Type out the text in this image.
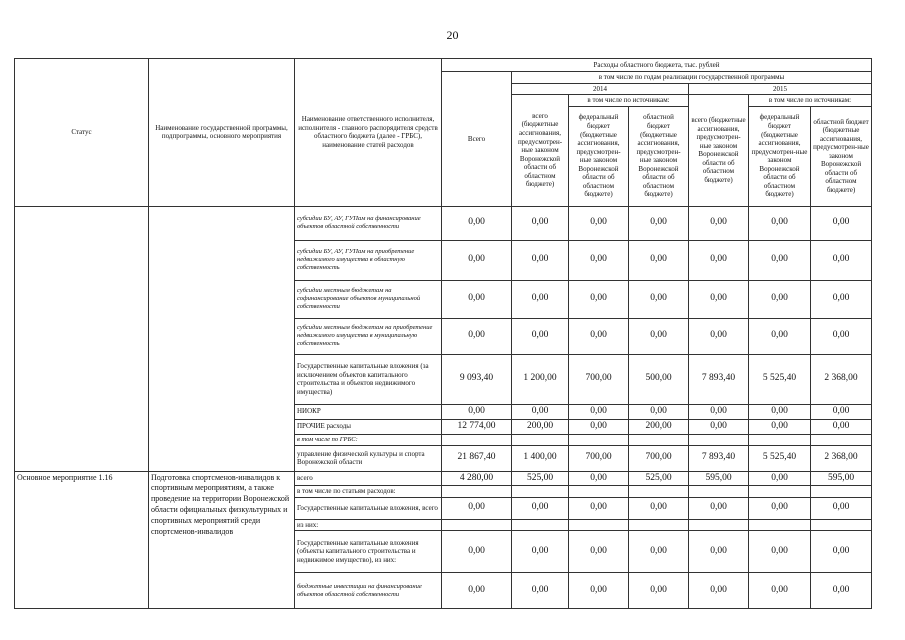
20
Статус	Наименование государственной программы, подпрограммы, основного мероприятия	Наименование ответственного исполнителя, исполнителя - главного распорядителя средств областного бюджета (далее - ГРБС), наименование статей расходов	Расходы областного бюджета, тыс. рублей						
			Всего	в том числе по годам реализации государственной программы					
				2014			2015		
				всего (бюджетные ассигнования, предусмотрен-ные законом Воронежской области об областном бюджете)	в том числе по источникам:		всего (бюджетные ассигнования, предусмотрен-ные законом Воронежской области об областном бюджете)	в том числе по источникам:	
					федеральный бюджет (бюджетные ассигнования, предусмотрен-ные законом Воронежской области об областном бюджете)	областной бюджет (бюджетные ассигнования, предусмотрен-ные законом Воронежской области об областном бюджете)		федеральный бюджет (бюджетные ассигнования, предусмотрен-ные законом Воронежской области об областном бюджете)	областной бюджет (бюджетные ассигнования, предусмотрен-ные законом Воронежской области об областном бюджете)
		субсидии БУ, АУ, ГУПам на финансирование объектов областной собственности	0,00	0,00	0,00	0,00	0,00	0,00	0,00
		субсидии БУ, АУ, ГУПам на приобретение недвижимого имущества в областную собственность	0,00	0,00	0,00	0,00	0,00	0,00	0,00
		субсидии местным бюджетам на софинансирование объектов муниципальной собственности	0,00	0,00	0,00	0,00	0,00	0,00	0,00
		субсидии местным бюджетам на приобретение недвижимого имущества в муниципальную собственность	0,00	0,00	0,00	0,00	0,00	0,00	0,00
		Государственные капитальные вложения (за исключением объектов капитального строительства и объектов недвижимого имущества)	9 093,40	1 200,00	700,00	500,00	7 893,40	5 525,40	2 368,00
		НИОКР	0,00	0,00	0,00	0,00	0,00	0,00	0,00
		ПРОЧИЕ расходы	12 774,00	200,00	0,00	200,00	0,00	0,00	0,00
		в том числе по ГРБС:							
		управление физической культуры и спорта Воронежской области	21 867,40	1 400,00	700,00	700,00	7 893,40	5 525,40	2 368,00
Основное мероприятие 1.16	Подготовка спортсменов-инвалидов к спортивным мероприятиям, а также проведение на территории Воронежской области официальных физкультурных и спортивных мероприятий среди спортсменов-инвалидов	всего	4 280,00	525,00	0,00	525,00	595,00	0,00	595,00
		в том числе по статьям расходов:							
		Государственные капитальные вложения, всего	0,00	0,00	0,00	0,00	0,00	0,00	0,00
		из них:							
		Государственные капитальные вложения (объекты капитального строительства и недвижимое имущество), из них:	0,00	0,00	0,00	0,00	0,00	0,00	0,00
		бюджетные инвестиции на финансирование объектов областной собственности	0,00	0,00	0,00	0,00	0,00	0,00	0,00
